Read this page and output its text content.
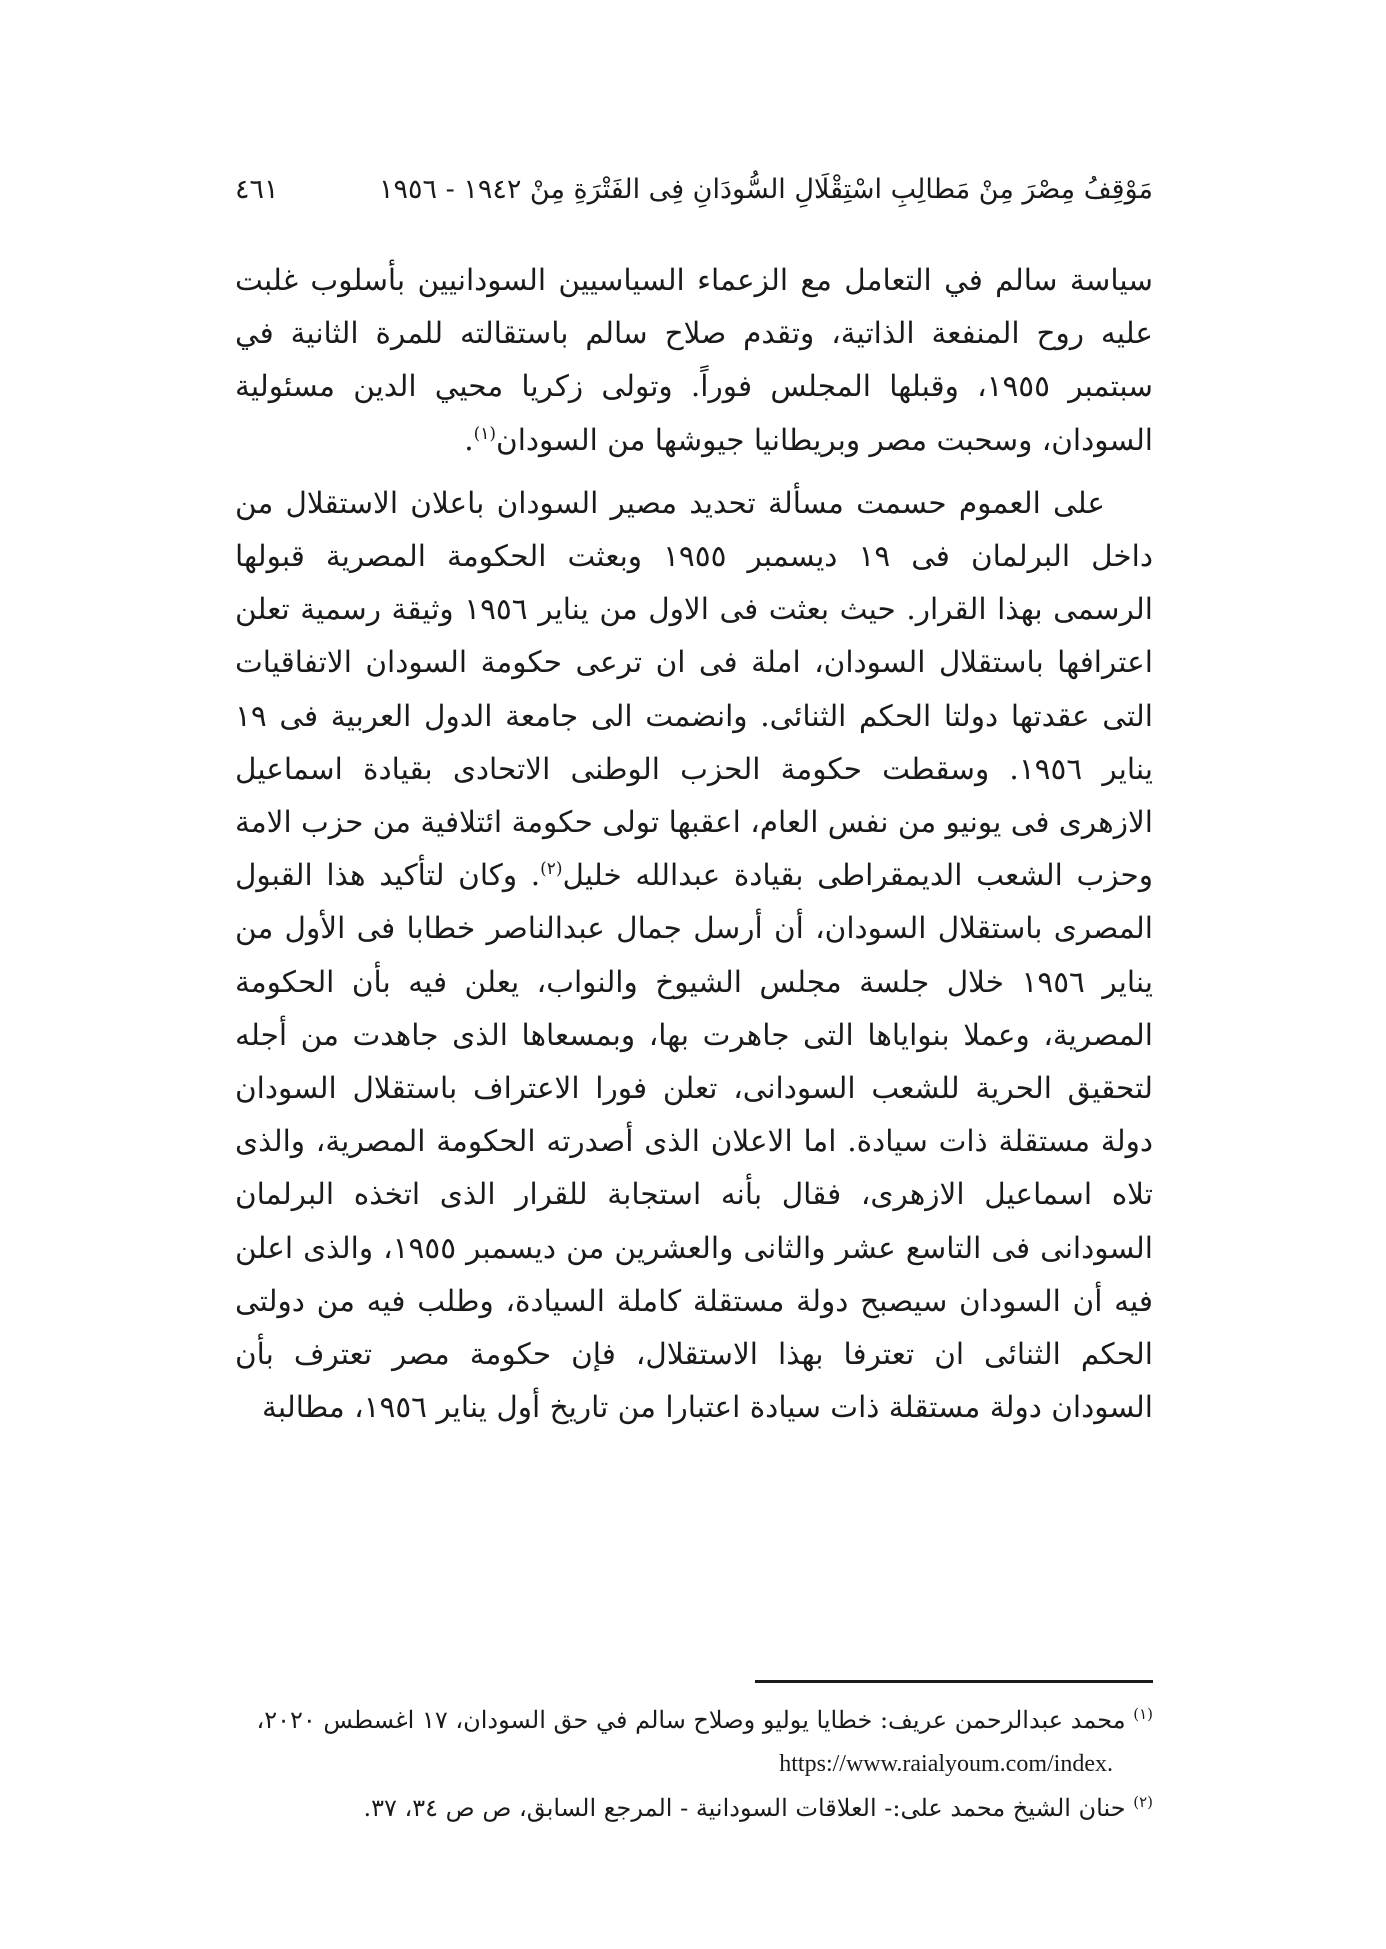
مَوْقِفُ مِصْرَ مِنْ مَطالِبِ اسْتِقْلَالِ السُّودَانِ فِى الفَتْرَةِ مِنْ ١٩٤٢ - ١٩٥٦
٤٦١

سياسة سالم في التعامل مع الزعماء السياسيين السودانيين بأسلوب غلبت عليه روح المنفعة الذاتية، وتقدم صلاح سالم باستقالته للمرة الثانية في سبتمبر ١٩٥٥، وقبلها المجلس فوراً. وتولى زكريا محيي الدين مسئولية السودان، وسحبت مصر وبريطانيا جيوشها من السودان$^{(١)}$.

على العموم حسمت مسألة تحديد مصير السودان باعلان الاستقلال من داخل البرلمان فى ١٩ ديسمبر ١٩٥٥ وبعثت الحكومة المصرية قبولها الرسمى بهذا القرار. حيث بعثت فى الاول من يناير ١٩٥٦ وثيقة رسمية تعلن اعترافها باستقلال السودان، املة فى ان ترعى حكومة السودان الاتفاقيات التى عقدتها دولتا الحكم الثنائى. وانضمت الى جامعة الدول العربية فى ١٩ يناير ١٩٥٦. وسقطت حكومة الحزب الوطنى الاتحادى بقيادة اسماعيل الازهرى فى يونيو من نفس العام، اعقبها تولى حكومة ائتلافية من حزب الامة وحزب الشعب الديمقراطى بقيادة عبدالله خليل$^{(٢)}$. وكان لتأكيد هذا القبول المصرى باستقلال السودان، أن أرسل جمال عبدالناصر خطابا فى الأول من يناير ١٩٥٦ خلال جلسة مجلس الشيوخ والنواب، يعلن فيه بأن الحكومة المصرية، وعملا بنواياها التى جاهرت بها، وبمسعاها الذى جاهدت من أجله لتحقيق الحرية للشعب السودانى، تعلن فورا الاعتراف باستقلال السودان دولة مستقلة ذات سيادة. اما الاعلان الذى أصدرته الحكومة المصرية، والذى تلاه اسماعيل الازهرى، فقال بأنه استجابة للقرار الذى اتخذه البرلمان السودانى فى التاسع عشر والثانى والعشرين من ديسمبر ١٩٥٥، والذى اعلن فيه أن السودان سيصبح دولة مستقلة كاملة السيادة، وطلب فيه من دولتى الحكم الثنائى ان تعترفا بهذا الاستقلال، فإن حكومة مصر تعترف بأن السودان دولة مستقلة ذات سيادة اعتبارا من تاريخ أول يناير ١٩٥٦، مطالبة

$^{(١)}$ محمد عبدالرحمن عريف: خطايا يوليو وصلاح سالم في حق السودان، ١٧ اغسطس ٢٠٢٠،

https://www.raialyoum.com/index.

$^{(٢)}$ حنان الشيخ محمد على:- العلاقات السودانية - المرجع السابق، ص ص ٣٤، ٣٧.
